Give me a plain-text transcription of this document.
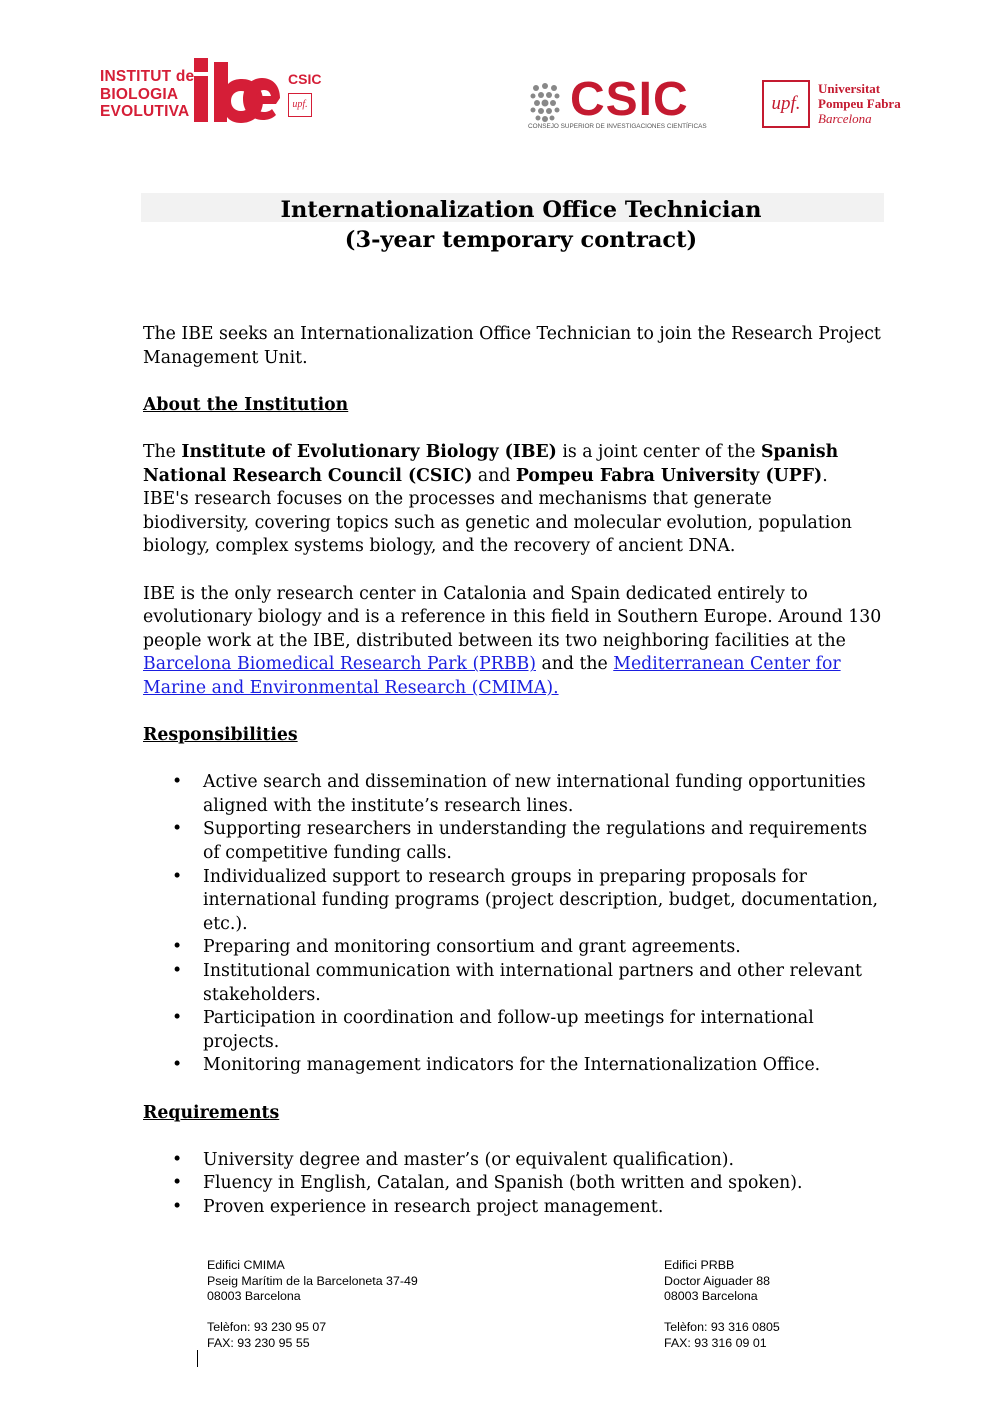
INSTITUT de
BIOLOGIA
EVOLUTIVA
CSIC
upf.	CSIC
CONSEJO SUPERIOR DE INVESTIGACIONES CIENTÍFICAS
upf.
Universitat
Pompeu Fabra
Barcelona
Internationalization Office Technician
(3-year temporary contract)

The IBE seeks an Internationalization Office Technician to join the Research Project Management Unit.

About the Institution

The Institute of Evolutionary Biology (IBE) is a joint center of the Spanish National Research Council (CSIC) and Pompeu Fabra University (UPF).

IBE's research focuses on the processes and mechanisms that generate biodiversity, covering topics such as genetic and molecular evolution, population biology, complex systems biology, and the recovery of ancient DNA.

IBE is the only research center in Catalonia and Spain dedicated entirely to evolutionary biology and is a reference in this field in Southern Europe. Around 130 people work at the IBE, distributed between its two neighboring facilities at the Barcelona Biomedical Research Park (PRBB) and the Mediterranean Center for Marine and Environmental Research (CMIMA).

Responsibilities

• Active search and dissemination of new international funding opportunities aligned with the institute’s research lines.
• Supporting researchers in understanding the regulations and requirements of competitive funding calls.
• Individualized support to research groups in preparing proposals for international funding programs (project description, budget, documentation, etc.).
• Preparing and monitoring consortium and grant agreements.
• Institutional communication with international partners and other relevant stakeholders.
• Participation in coordination and follow-up meetings for international projects.
• Monitoring management indicators for the Internationalization Office.

Requirements

• University degree and master’s (or equivalent qualification).
• Fluency in English, Catalan, and Spanish (both written and spoken).
• Proven experience in research project management.
Edifici CMIMA
Pseig Marítim de la Barceloneta 37-49
08003 Barcelona
Telèfon: 93 230 95 07
FAX: 93 230 95 55
Edifici PRBB
Doctor Aiguader 88
08003 Barcelona
Telèfon: 93 316 0805
FAX: 93 316 09 01
